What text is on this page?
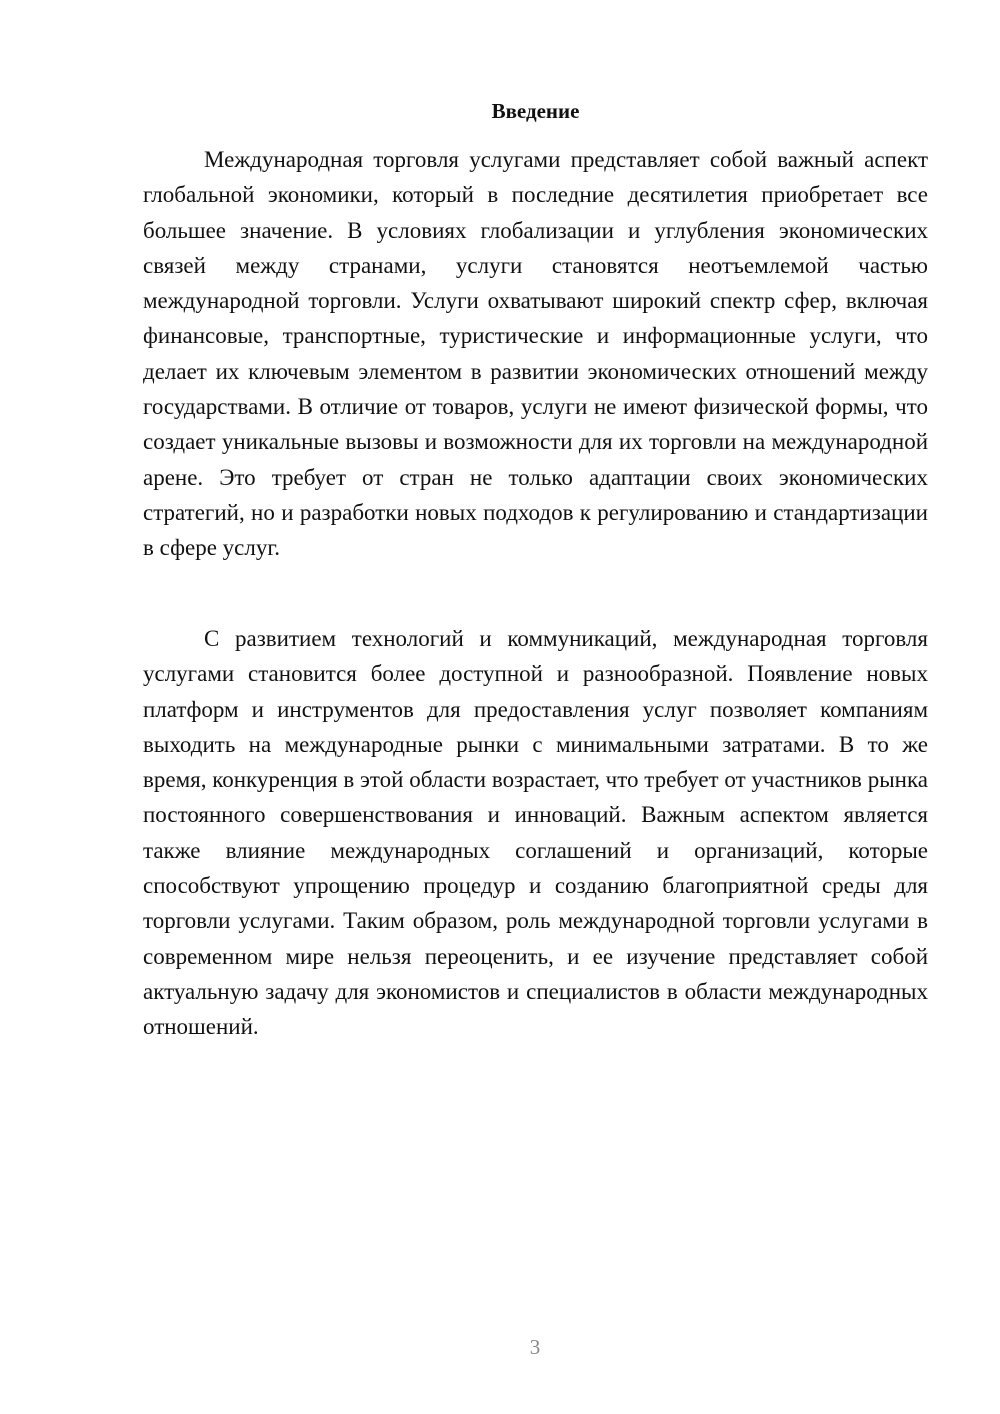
Введение

Международная торговля услугами представляет собой важный аспект глобальной экономики, который в последние десятилетия приобретает все большее значение. В условиях глобализации и углубления экономических связей между странами, услуги становятся неотъемлемой частью международной торговли. Услуги охватывают широкий спектр сфер, включая финансовые, транспортные, туристические и информационные услуги, что делает их ключевым элементом в развитии экономических отношений между государствами. В отличие от товаров, услуги не имеют физической формы, что создает уникальные вызовы и возможности для их торговли на международной арене. Это требует от стран не только адаптации своих экономических стратегий, но и разработки новых подходов к регулированию и стандартизации в сфере услуг.

С развитием технологий и коммуникаций, международная торговля услугами становится более доступной и разнообразной. Появление новых платформ и инструментов для предоставления услуг позволяет компаниям выходить на международные рынки с минимальными затратами. В то же время, конкуренция в этой области возрастает, что требует от участников рынка постоянного совершенствования и инноваций. Важным аспектом является также влияние международных соглашений и организаций, которые способствуют упрощению процедур и созданию благоприятной среды для торговли услугами. Таким образом, роль международной торговли услугами в современном мире нельзя переоценить, и ее изучение представляет собой актуальную задачу для экономистов и специалистов в области международных отношений.

3
